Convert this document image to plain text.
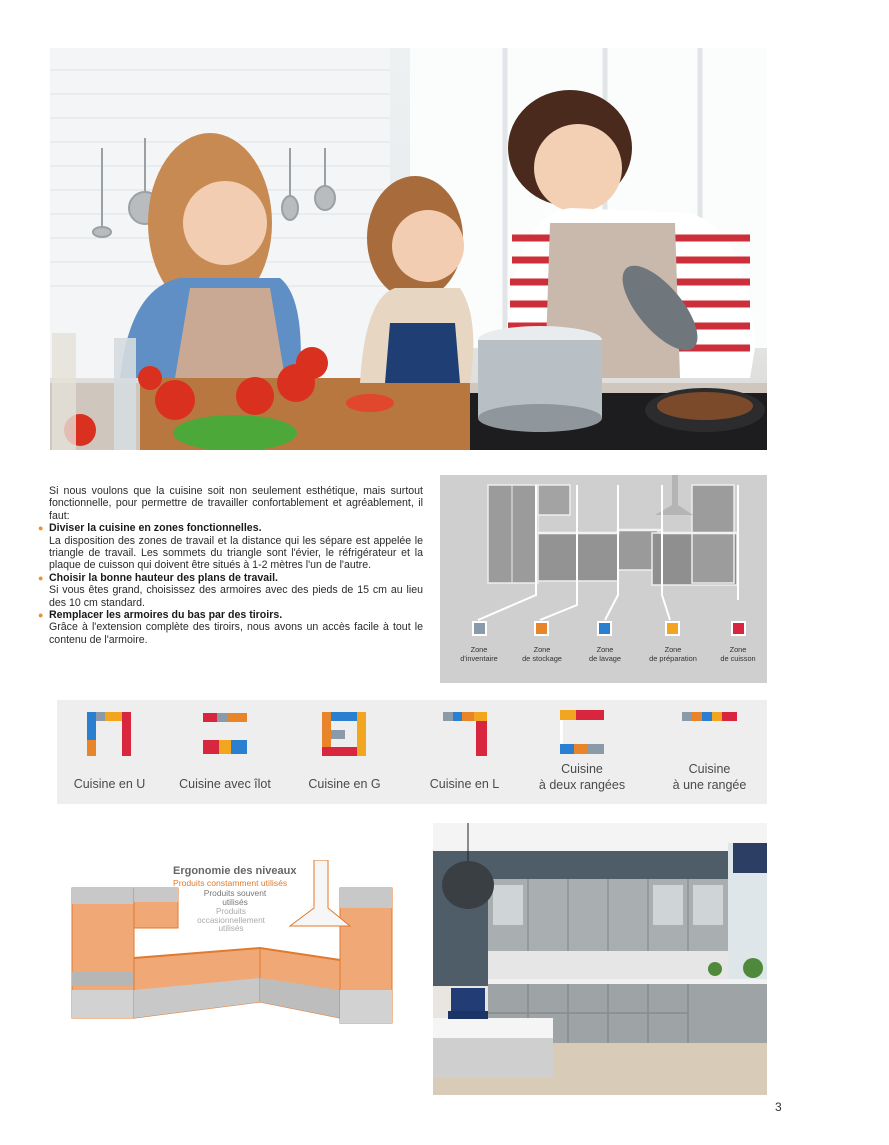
Si nous voulons que la cuisine soit non seulement esthétique, mais surtout fonctionnelle, pour permettre de travailler confortablement et agréablement, il faut:

● Diviser la cuisine en zones fonctionnelles.

La disposition des zones de travail et la distance qui les sépare est appelée le triangle de travail. Les sommets du triangle sont l'évier, le réfrigérateur et la plaque de cuisson qui doivent être situés à 1-2 mètres l'un de l'autre.

● Choisir la bonne hauteur des plans de travail.

Si vous êtes grand, choisissez des armoires avec des pieds de 15 cm au lieu des 10 cm standard.

● Remplacer les armoires du bas par des tiroirs.

Grâce à l'extension complète des tiroirs, nous avons un accès facile à tout le contenu de l'armoire.

Zone
d'inventaire
Zone
de stockage
Zone
de lavage
Zone
de préparation
Zone
de cuisson
Cuisine en U	Cuisine avec îlot	Cuisine en G	Cuisine en L
Cuisine
à deux rangées
Cuisine
à une rangée
Ergonomie des niveaux
Produits constamment utilisés
Produits souvent utilisés
Produits occasionnellement utilisés
3
